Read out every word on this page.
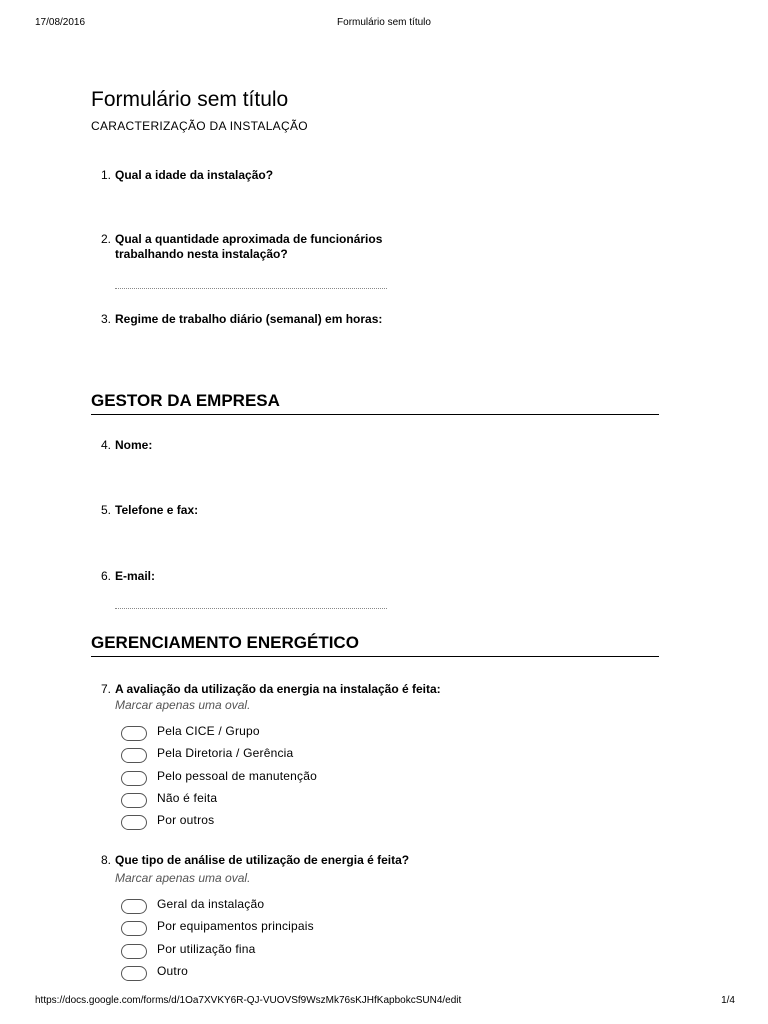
17/08/2016	Formulário sem título
Formulário sem título
CARACTERIZAÇÃO DA INSTALAÇÃO
1. Qual a idade da instalação?
2. Qual a quantidade aproximada de funcionários trabalhando nesta instalação?
3. Regime de trabalho diário (semanal) em horas:
GESTOR DA EMPRESA
4. Nome:
5. Telefone e fax:
6. E-mail:
GERENCIAMENTO ENERGÉTICO
7. A avaliação da utilização da energia na instalação é feita:
Marcar apenas uma oval.
Pela CICE / Grupo
Pela Diretoria / Gerência
Pelo pessoal de manutenção
Não é feita
Por outros
8. Que tipo de análise de utilização de energia é feita?
Marcar apenas uma oval.
Geral da instalação
Por equipamentos principais
Por utilização fina
Outro
https://docs.google.com/forms/d/1Oa7XVKY6R-QJ-VUOVSf9WszMk76sKJHfKapbokcSUN4/edit	1/4
